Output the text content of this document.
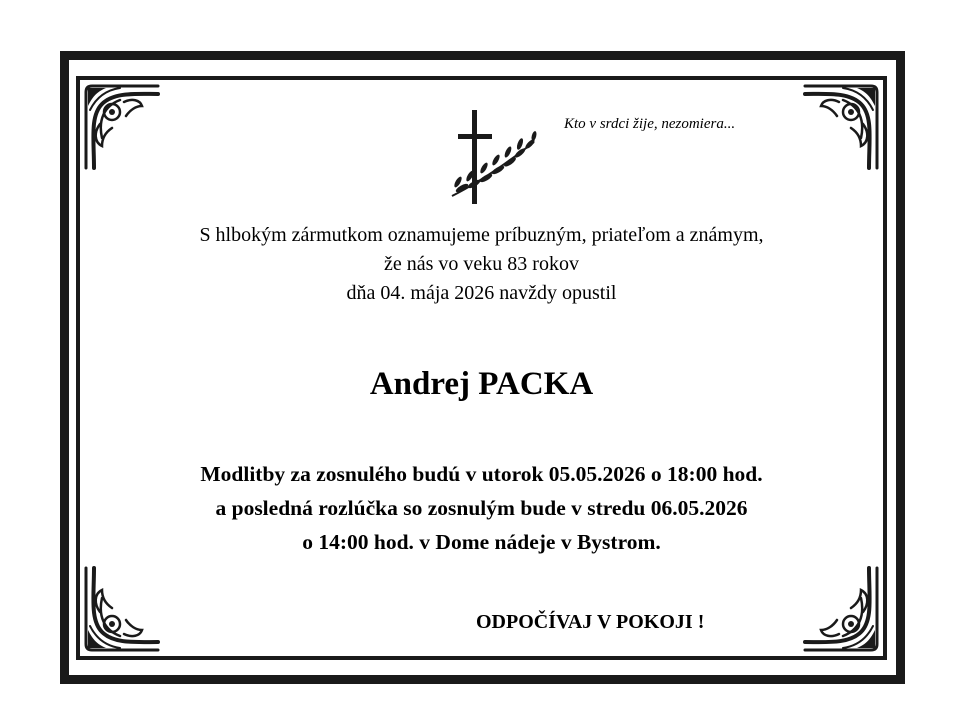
Kto v srdci žije, nezomiera...
S hlbokým zármutkom oznamujeme príbuzným, priateľom a známym,
že nás vo veku 83 rokov
dňa 04. mája 2026 navždy opustil
Andrej PACKA
Modlitby za zosnulého budú v utorok 05.05.2026 o 18:00 hod.
a posledná rozlúčka so zosnulým bude v stredu 06.05.2026
o 14:00 hod. v Dome nádeje v Bystrom.
ODPOČÍVAJ V POKOJI !
